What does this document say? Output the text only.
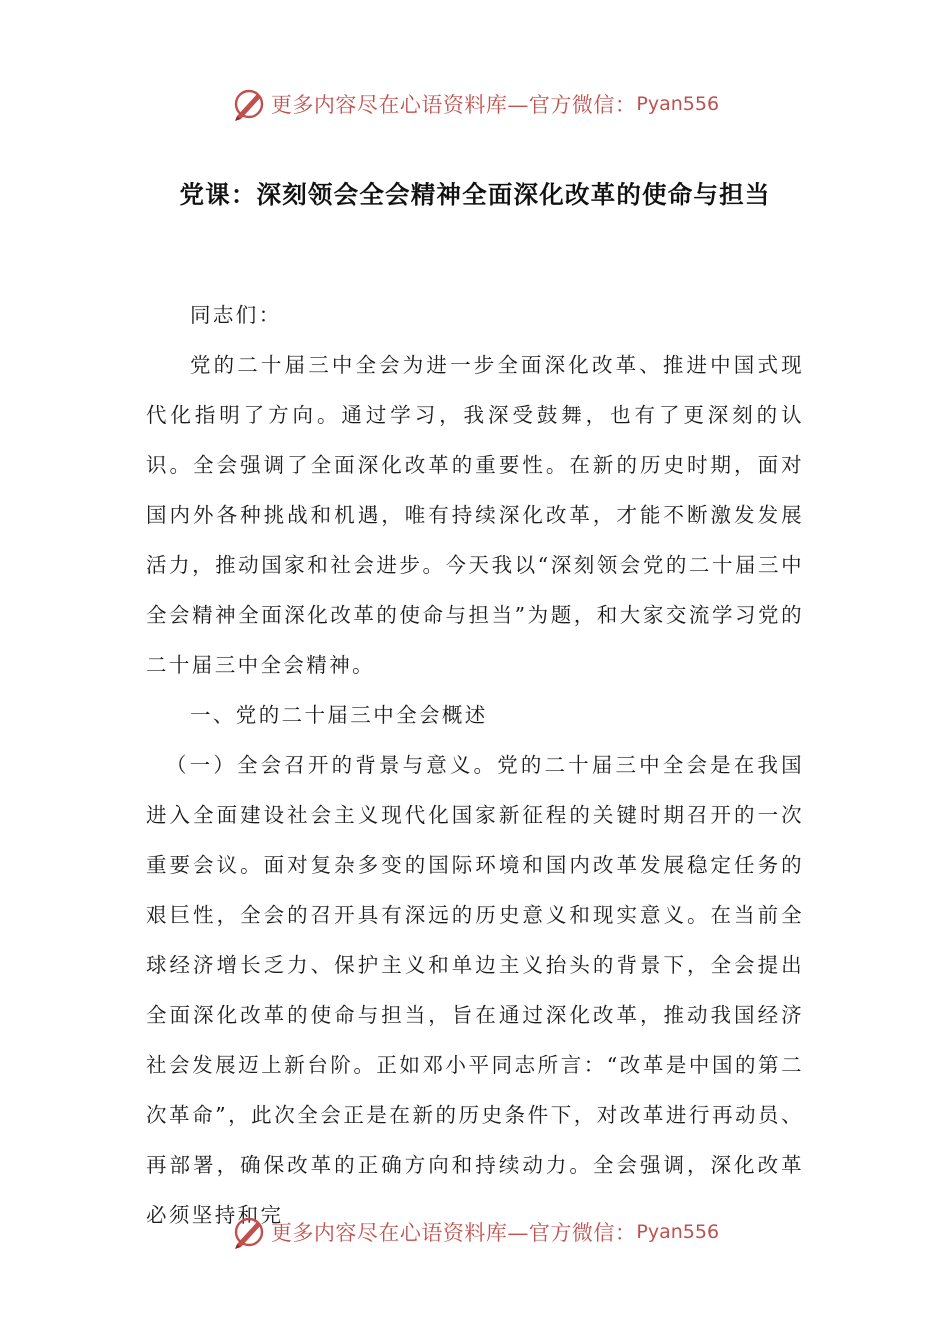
更多内容尽在心语资料库—官方微信： Pyan556
党课：深刻领会全会精神全面深化改革的使命与担当

同志们：

党的二十届三中全会为进一步全面深化改革、推进中国式现代化指明了方向。通过学习，我深受鼓舞，也有了更深刻的认识。全会强调了全面深化改革的重要性。在新的历史时期，面对国内外各种挑战和机遇，唯有持续深化改革，才能不断激发发展活力，推动国家和社会进步。今天我以“深刻领会党的二十届三中全会精神全面深化改革的使命与担当”为题，和大家交流学习党的二十届三中全会精神。

一、党的二十届三中全会概述

（一）全会召开的背景与意义。党的二十届三中全会是在我国进入全面建设社会主义现代化国家新征程的关键时期召开的一次重要会议。面对复杂多变的国际环境和国内改革发展稳定任务的艰巨性，全会的召开具有深远的历史意义和现实意义。在当前全球经济增长乏力、保护主义和单边主义抬头的背景下，全会提出全面深化改革的使命与担当，旨在通过深化改革，推动我国经济社会发展迈上新台阶。正如邓小平同志所言：“改革是中国的第二次革命”，此次全会正是在新的历史条件下，对改革进行再动员、再部署，确保改革的正确方向和持续动力。全会强调，深化改革必须坚持和完

更多内容尽在心语资料库—官方微信： Pyan556
